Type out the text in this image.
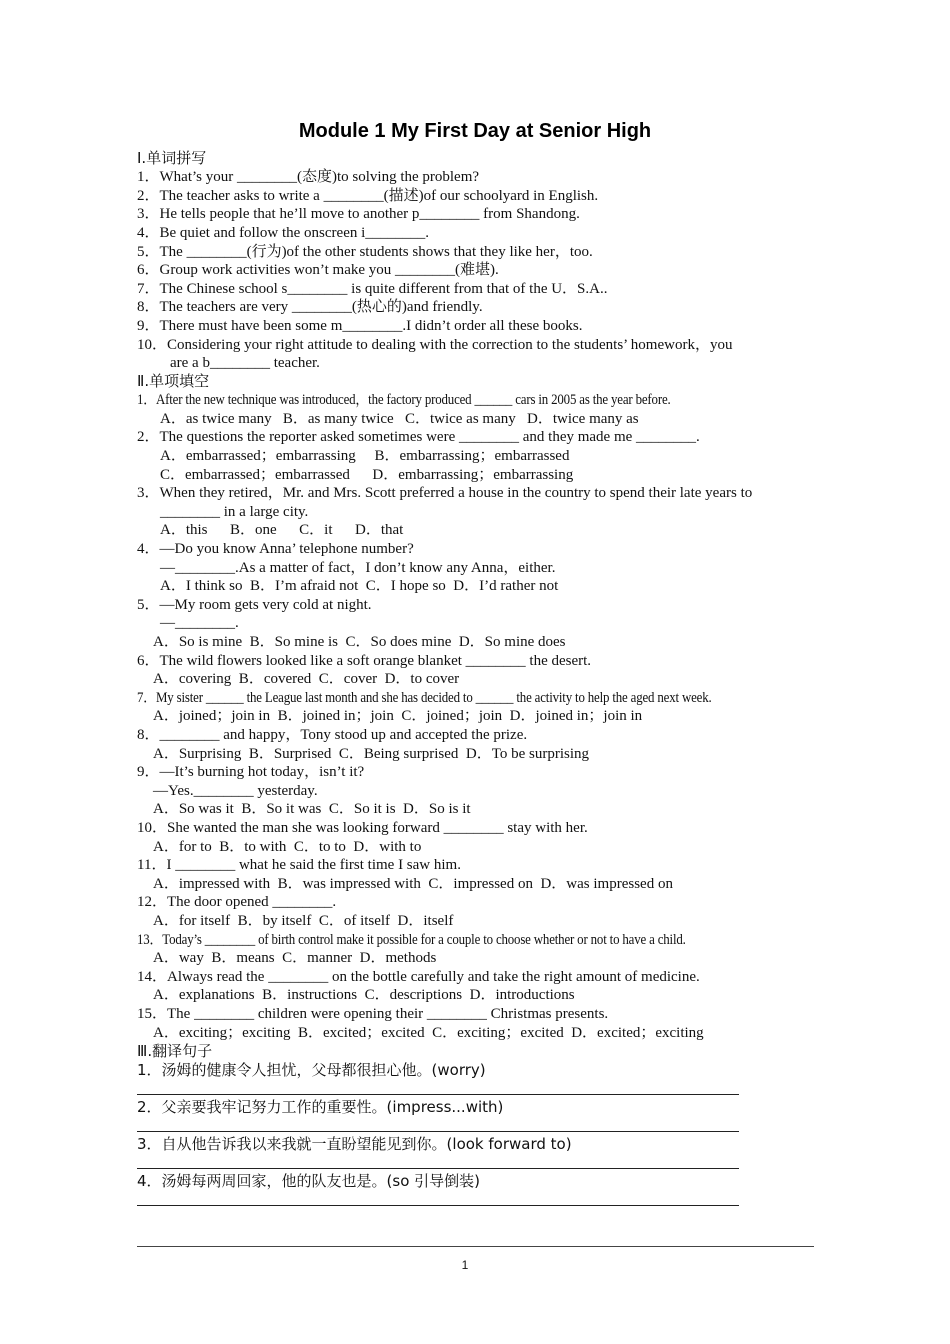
Module 1 My First Day at Senior High
Ⅰ.单词拼写
1．What’s your ________(态度)to solving the problem?
2．The teacher asks to write a ________(描述)of our schoolyard in English.
3．He tells people that he’ll move to another p________ from Shandong.
4．Be quiet and follow the onscreen i________.
5．The ________(行为)of the other students shows that they like her，too.
6．Group work activities won’t make you ________(难堪).
7．The Chinese school s________ is quite different from that of the U．S.A..
8．The teachers are very ________(热心的)and friendly.
9．There must have been some m________.I didn’t order all these books.
10．Considering your right attitude to dealing with the correction to the students’ homework，you
are a b________ teacher.
Ⅱ.单项填空
1．After the new technique was introduced，the factory produced ______ cars in 2005 as the year before.
A．as twice many   B．as many twice   C．twice as many   D．twice many as
2．The questions the reporter asked sometimes were ________ and they made me ________.
A．embarrassed；embarrassing     B．embarrassing；embarrassed
C．embarrassed；embarrassed      D．embarrassing；embarrassing
3．When they retired，Mr. and Mrs. Scott preferred a house in the country to spend their late years to
________ in a large city.
A．this      B．one      C．it      D．that
4．—Do you know Anna’ telephone number?
—________.As a matter of fact，I don’t know any Anna，either.
A．I think so  B．I’m afraid not  C．I hope so  D．I’d rather not
5．—My room gets very cold at night.
—________.
A．So is mine  B．So mine is  C．So does mine  D．So mine does
6．The wild flowers looked like a soft orange blanket ________ the desert.
A．covering  B．covered  C．cover  D．to cover
7．My sister ______ the League last month and she has decided to ______ the activity to help the aged next week.
A．joined；join in  B．joined in；join  C．joined；join  D．joined in；join in
8．________ and happy，Tony stood up and accepted the prize.
A．Surprising  B．Surprised  C．Being surprised  D．To be surprising
9．—It’s burning hot today，isn’t it?
—Yes.________ yesterday.
A．So was it  B．So it was  C．So it is  D．So is it
10．She wanted the man she was looking forward ________ stay with her.
A．for to  B．to with  C．to to  D．with to
11．I ________ what he said the first time I saw him.
A．impressed with  B．was impressed with  C．impressed on  D．was impressed on
12．The door opened ________.
A．for itself  B．by itself  C．of itself  D．itself
13．Today’s ________ of birth control make it possible for a couple to choose whether or not to have a child.
A．way  B．means  C．manner  D．methods
14．Always read the ________ on the bottle carefully and take the right amount of medicine.
A．explanations  B．instructions  C．descriptions  D．introductions
15．The ________ children were opening their ________ Christmas presents.
A．exciting；exciting  B．excited；excited  C．exciting；excited  D．excited；exciting
Ⅲ.翻译句子
1．汤姆的健康令人担忧，父母都很担心他。(worry)
2．父亲要我牢记努力工作的重要性。(impress...with)
3．自从他告诉我以来我就一直盼望能见到你。(look forward to)
4．汤姆每两周回家，他的队友也是。(so 引导倒装)
1
